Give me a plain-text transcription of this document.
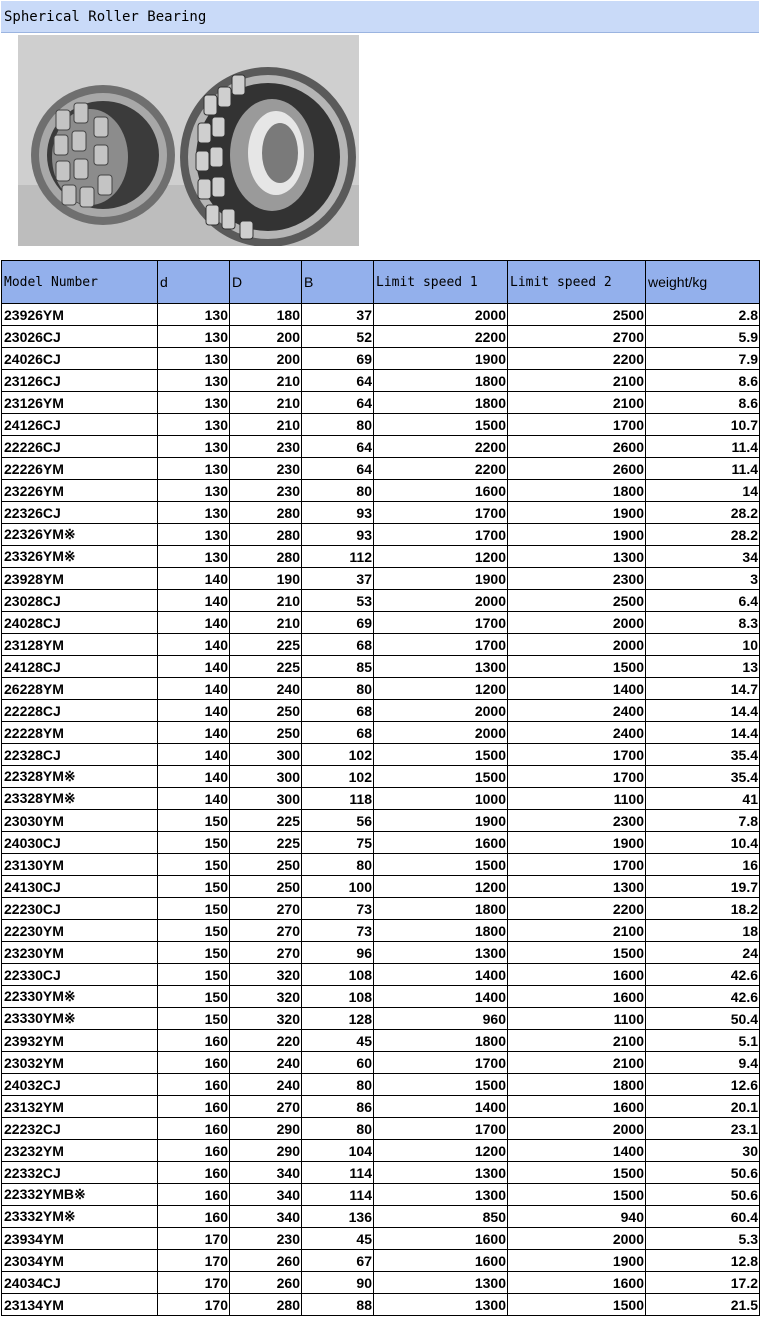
Spherical Roller Bearing
Model Number	d	D	B	Limit speed 1	Limit speed 2	weight/kg
23926YM	130	180	37	2000	2500	2.8
23026CJ	130	200	52	2200	2700	5.9
24026CJ	130	200	69	1900	2200	7.9
23126CJ	130	210	64	1800	2100	8.6
23126YM	130	210	64	1800	2100	8.6
24126CJ	130	210	80	1500	1700	10.7
22226CJ	130	230	64	2200	2600	11.4
22226YM	130	230	64	2200	2600	11.4
23226YM	130	230	80	1600	1800	14
22326CJ	130	280	93	1700	1900	28.2
22326YM※	130	280	93	1700	1900	28.2
23326YM※	130	280	112	1200	1300	34
23928YM	140	190	37	1900	2300	3
23028CJ	140	210	53	2000	2500	6.4
24028CJ	140	210	69	1700	2000	8.3
23128YM	140	225	68	1700	2000	10
24128CJ	140	225	85	1300	1500	13
26228YM	140	240	80	1200	1400	14.7
22228CJ	140	250	68	2000	2400	14.4
22228YM	140	250	68	2000	2400	14.4
22328CJ	140	300	102	1500	1700	35.4
22328YM※	140	300	102	1500	1700	35.4
23328YM※	140	300	118	1000	1100	41
23030YM	150	225	56	1900	2300	7.8
24030CJ	150	225	75	1600	1900	10.4
23130YM	150	250	80	1500	1700	16
24130CJ	150	250	100	1200	1300	19.7
22230CJ	150	270	73	1800	2200	18.2
22230YM	150	270	73	1800	2100	18
23230YM	150	270	96	1300	1500	24
22330CJ	150	320	108	1400	1600	42.6
22330YM※	150	320	108	1400	1600	42.6
23330YM※	150	320	128	960	1100	50.4
23932YM	160	220	45	1800	2100	5.1
23032YM	160	240	60	1700	2100	9.4
24032CJ	160	240	80	1500	1800	12.6
23132YM	160	270	86	1400	1600	20.1
22232CJ	160	290	80	1700	2000	23.1
23232YM	160	290	104	1200	1400	30
22332CJ	160	340	114	1300	1500	50.6
22332YMB※	160	340	114	1300	1500	50.6
23332YM※	160	340	136	850	940	60.4
23934YM	170	230	45	1600	2000	5.3
23034YM	170	260	67	1600	1900	12.8
24034CJ	170	260	90	1300	1600	17.2
23134YM	170	280	88	1300	1500	21.5
